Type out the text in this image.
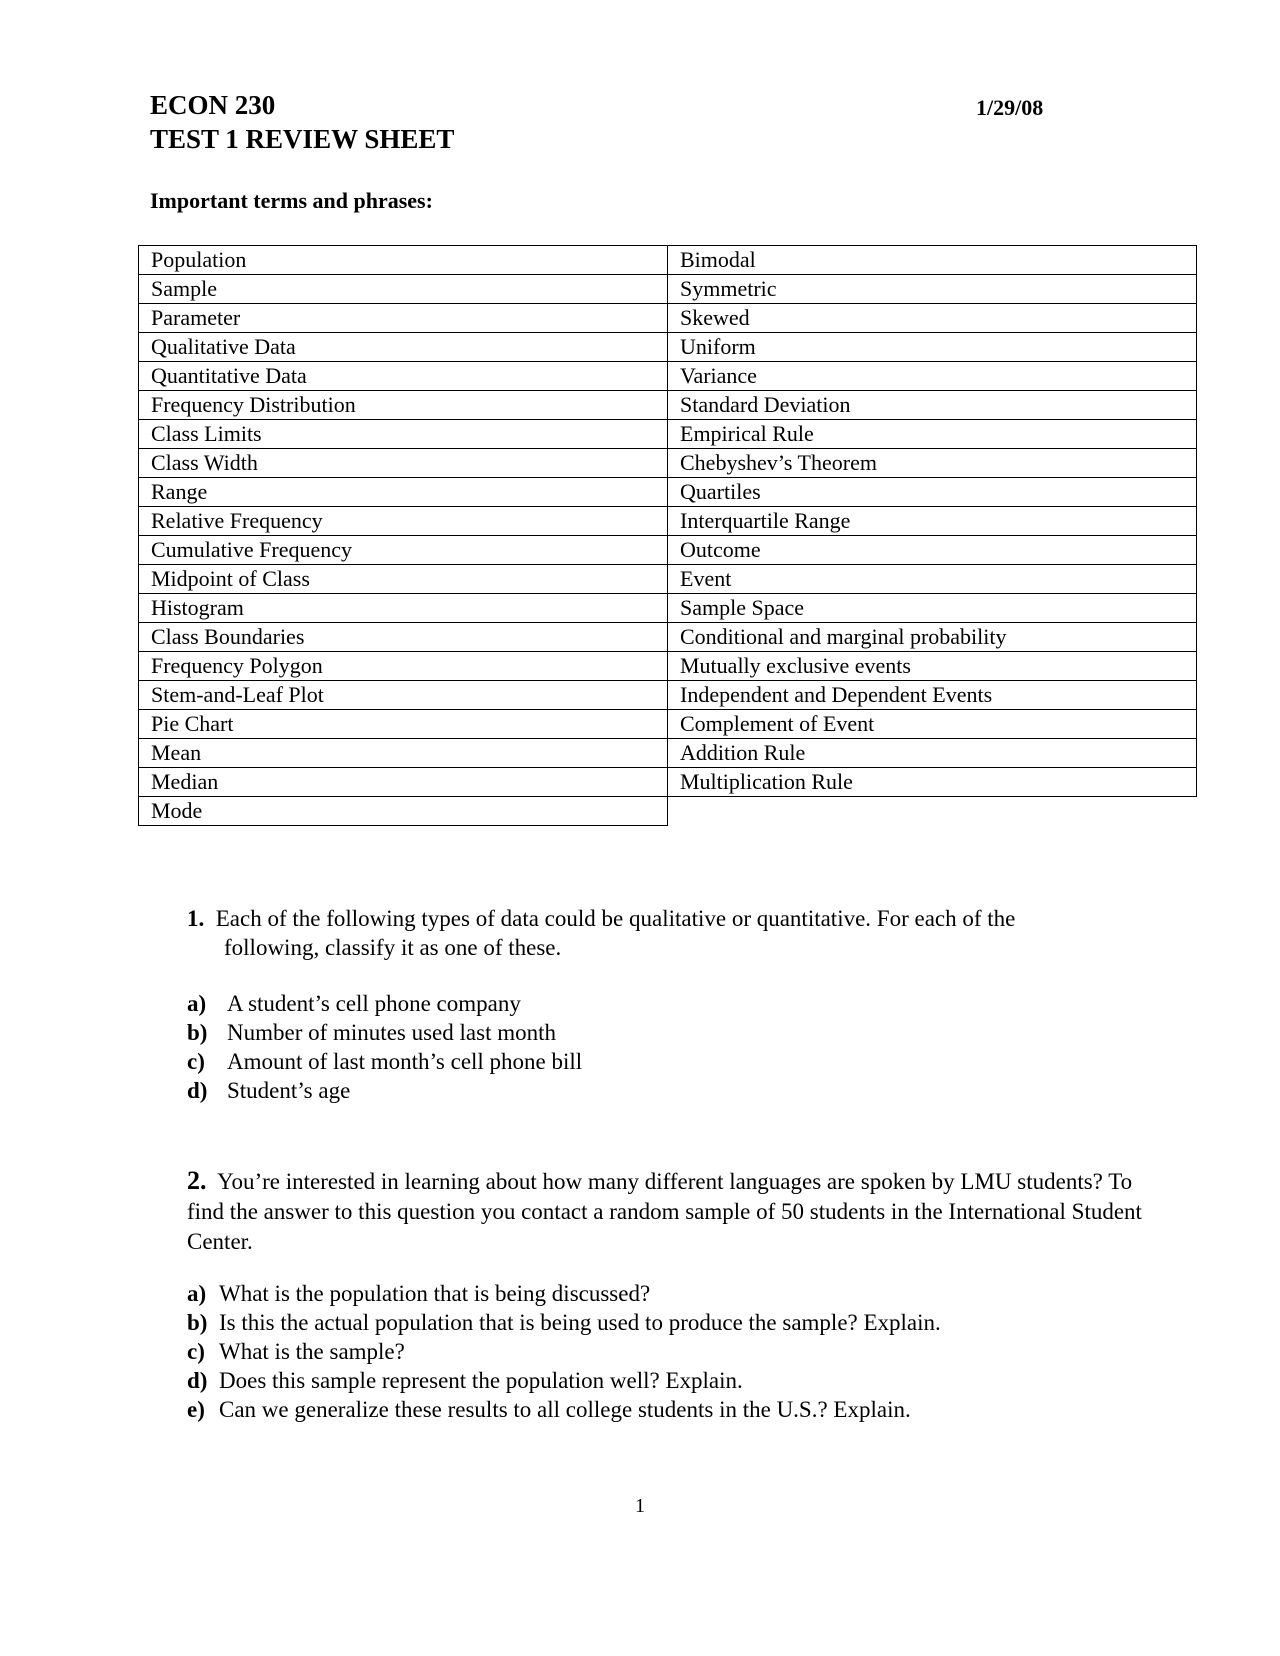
ECON 230	1/29/08
TEST 1 REVIEW SHEET
Important terms and phrases:
Population	Bimodal
Sample	Symmetric
Parameter	Skewed
Qualitative Data	Uniform
Quantitative Data	Variance
Frequency Distribution	Standard Deviation
Class Limits	Empirical Rule
Class Width	Chebyshev’s Theorem
Range	Quartiles
Relative Frequency	Interquartile Range
Cumulative Frequency	Outcome
Midpoint of Class	Event
Histogram	Sample Space
Class Boundaries	Conditional and marginal probability
Frequency Polygon	Mutually exclusive events
Stem-and-Leaf Plot	Independent and Dependent Events
Pie Chart	Complement of Event
Mean	Addition Rule
Median	Multiplication Rule
Mode	
1. Each of the following types of data could be qualitative or quantitative. For each of the
following, classify it as one of these.
a) A student’s cell phone company
b) Number of minutes used last month
c) Amount of last month’s cell phone bill
d) Student’s age
2. You’re interested in learning about how many different languages are spoken by LMU students? To find the answer to this question you contact a random sample of 50 students in the International Student Center.
a) What is the population that is being discussed?
b) Is this the actual population that is being used to produce the sample? Explain.
c) What is the sample?
d) Does this sample represent the population well? Explain.
e) Can we generalize these results to all college students in the U.S.? Explain.
1
